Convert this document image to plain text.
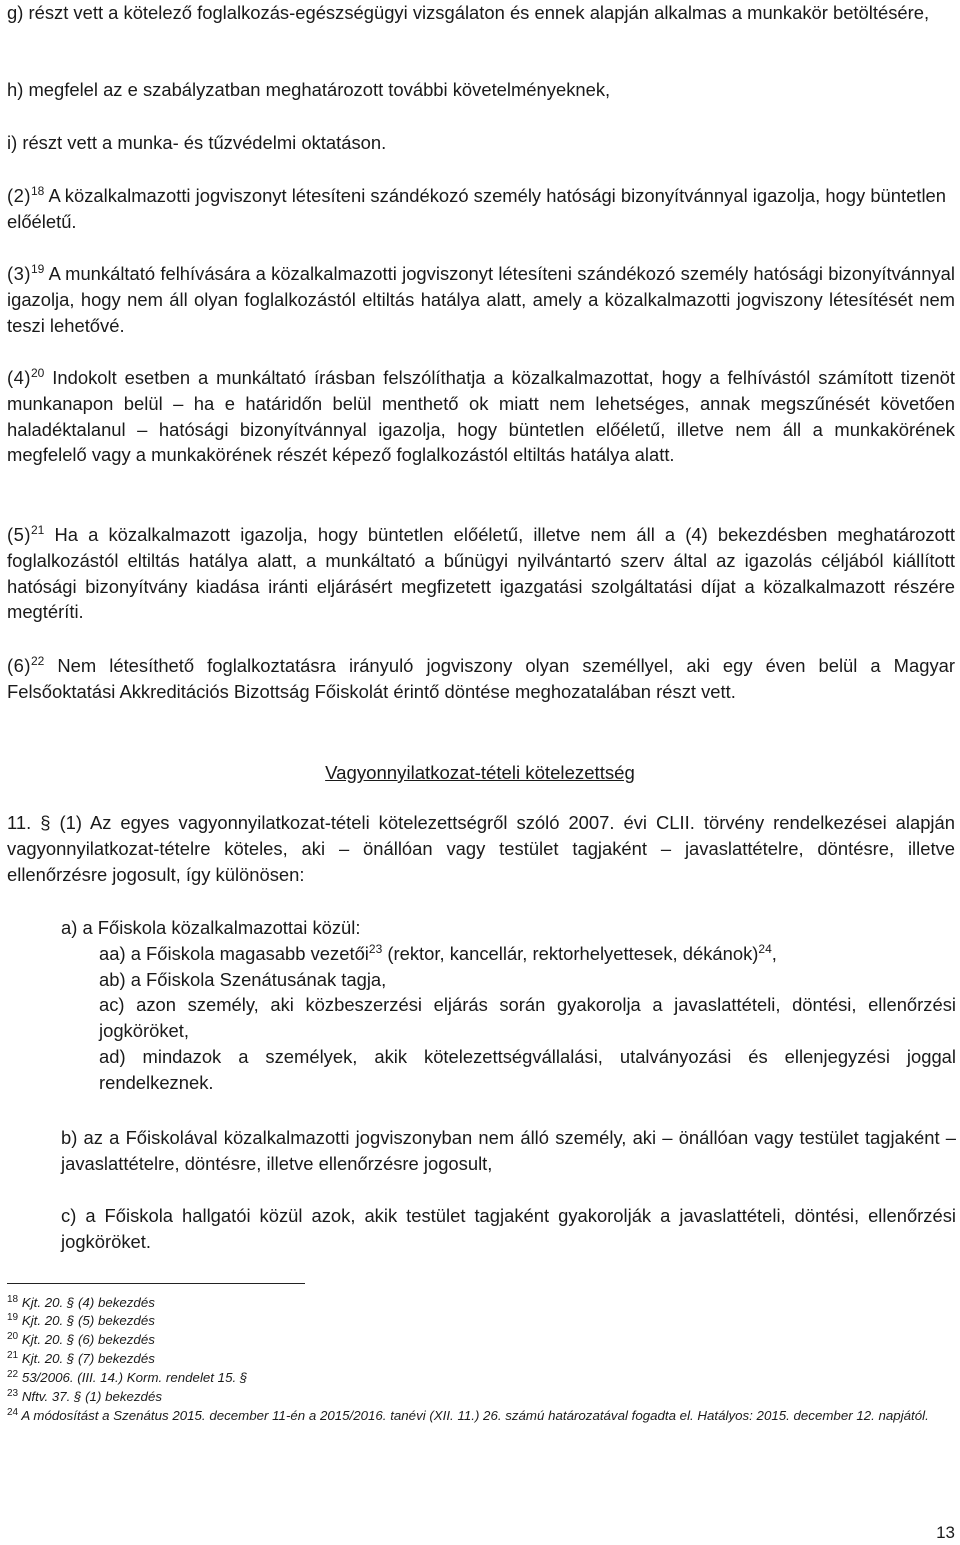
g) részt vett a kötelező foglalkozás-egészségügyi vizsgálaton és ennek alapján alkalmas a munkakör betöltésére,
h) megfelel az e szabályzatban meghatározott további követelményeknek,
i) részt vett a munka- és tűzvédelmi oktatáson.
$(2)^{18}$ A közalkalmazotti jogviszonyt létesíteni szándékozó személy hatósági bizonyítvánnyal igazolja, hogy büntetlen előéletű.
$(3)^{19}$ A munkáltató felhívására a közalkalmazotti jogviszonyt létesíteni szándékozó személy hatósági bizonyítvánnyal igazolja, hogy nem áll olyan foglalkozástól eltiltás hatálya alatt, amely a közalkalmazotti jogviszony létesítését nem teszi lehetővé.
$(4)^{20}$ Indokolt esetben a munkáltató írásban felszólíthatja a közalkalmazottat, hogy a felhívástól számított tizenöt munkanapon belül – ha e határidőn belül menthető ok miatt nem lehetséges, annak megszűnését követően haladéktalanul – hatósági bizonyítvánnyal igazolja, hogy büntetlen előéletű, illetve nem áll a munkakörének megfelelő vagy a munkakörének részét képező foglalkozástól eltiltás hatálya alatt.
$(5)^{21}$ Ha a közalkalmazott igazolja, hogy büntetlen előéletű, illetve nem áll a (4) bekezdésben meghatározott foglalkozástól eltiltás hatálya alatt, a munkáltató a bűnügyi nyilvántartó szerv által az igazolás céljából kiállított hatósági bizonyítvány kiadása iránti eljárásért megfizetett igazgatási szolgáltatási díjat a közalkalmazott részére megtéríti.
$(6)^{22}$ Nem létesíthető foglalkoztatásra irányuló jogviszony olyan személlyel, aki egy éven belül a Magyar Felsőoktatási Akkreditációs Bizottság Főiskolát érintő döntése meghozatalában részt vett.
Vagyonnyilatkozat-tételi kötelezettség
11. § (1) Az egyes vagyonnyilatkozat-tételi kötelezettségről szóló 2007. évi CLII. törvény rendelkezései alapján vagyonnyilatkozat-tételre köteles, aki – önállóan vagy testület tagjaként – javaslattételre, döntésre, illetve ellenőrzésre jogosult, így különösen:
a) a Főiskola közalkalmazottai közül:
aa) a Főiskola magasabb vezetői$^{23}$ (rektor, kancellár, rektorhelyettesek, dékánok)$^{24}$,
ab) a Főiskola Szenátusának tagja,
ac) azon személy, aki közbeszerzési eljárás során gyakorolja a javaslattételi, döntési, ellenőrzési jogköröket,
ad) mindazok a személyek, akik kötelezettségvállalási, utalványozási és ellenjegyzési joggal rendelkeznek.
b) az a Főiskolával közalkalmazotti jogviszonyban nem álló személy, aki – önállóan vagy testület tagjaként – javaslattételre, döntésre, illetve ellenőrzésre jogosult,
c) a Főiskola hallgatói közül azok, akik testület tagjaként gyakorolják a javaslattételi, döntési, ellenőrzési jogköröket.
$^{18}$ Kjt. 20. § (4) bekezdés
$^{19}$ Kjt. 20. § (5) bekezdés
$^{20}$ Kjt. 20. § (6) bekezdés
$^{21}$ Kjt. 20. § (7) bekezdés
$^{22}$ 53/2006. (III. 14.) Korm. rendelet 15. §
$^{23}$ Nftv. 37. § (1) bekezdés
$^{24}$ A módosítást a Szenátus 2015. december 11-én a 2015/2016. tanévi (XII. 11.) 26. számú határozatával fogadta el. Hatályos: 2015. december 12. napjától.
13
